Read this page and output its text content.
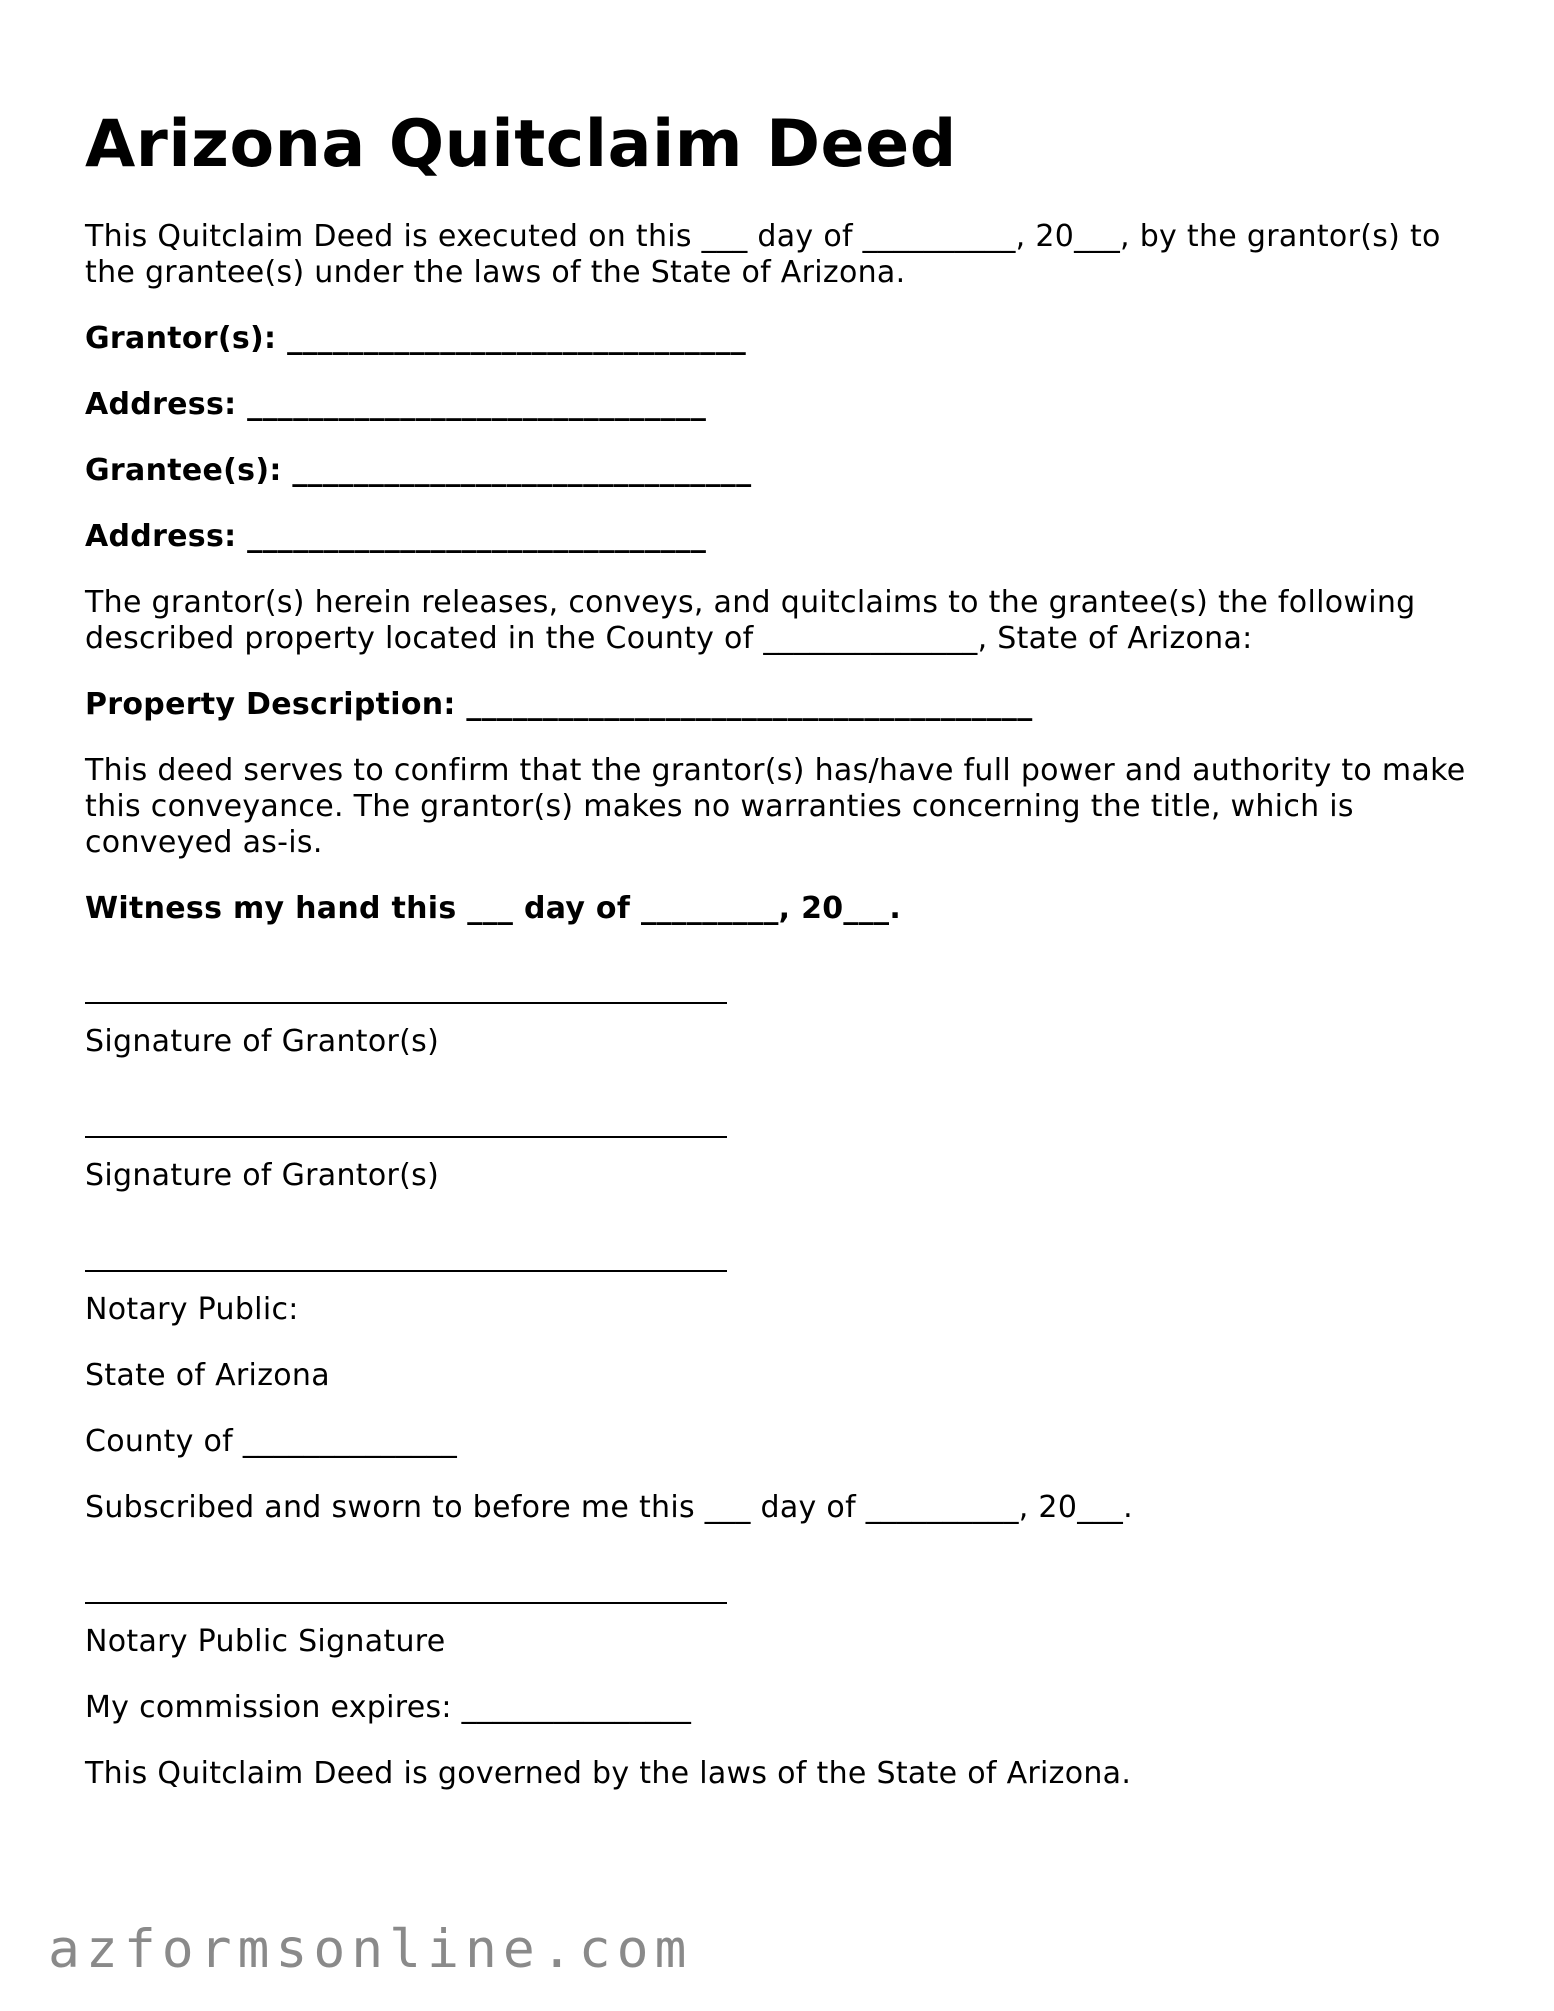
Arizona Quitclaim Deed

This Quitclaim Deed is executed on this ___ day of __________, 20___, by the grantor(s) to

the grantee(s) under the laws of the State of Arizona.

Grantor(s): ______________________________

Address: ______________________________

Grantee(s): ______________________________

Address: ______________________________

The grantor(s) herein releases, conveys, and quitclaims to the grantee(s) the following

described property located in the County of ______________, State of Arizona:

Property Description: _____________________________________

This deed serves to confirm that the grantor(s) has/have full power and authority to make

this conveyance. The grantor(s) makes no warranties concerning the title, which is

conveyed as-is.

Witness my hand this ___ day of _________, 20___.

Signature of Grantor(s)

Signature of Grantor(s)

Notary Public:

State of Arizona

County of ______________

Subscribed and sworn to before me this ___ day of __________, 20___.

Notary Public Signature

My commission expires: _______________

This Quitclaim Deed is governed by the laws of the State of Arizona.

azformsonline.com
